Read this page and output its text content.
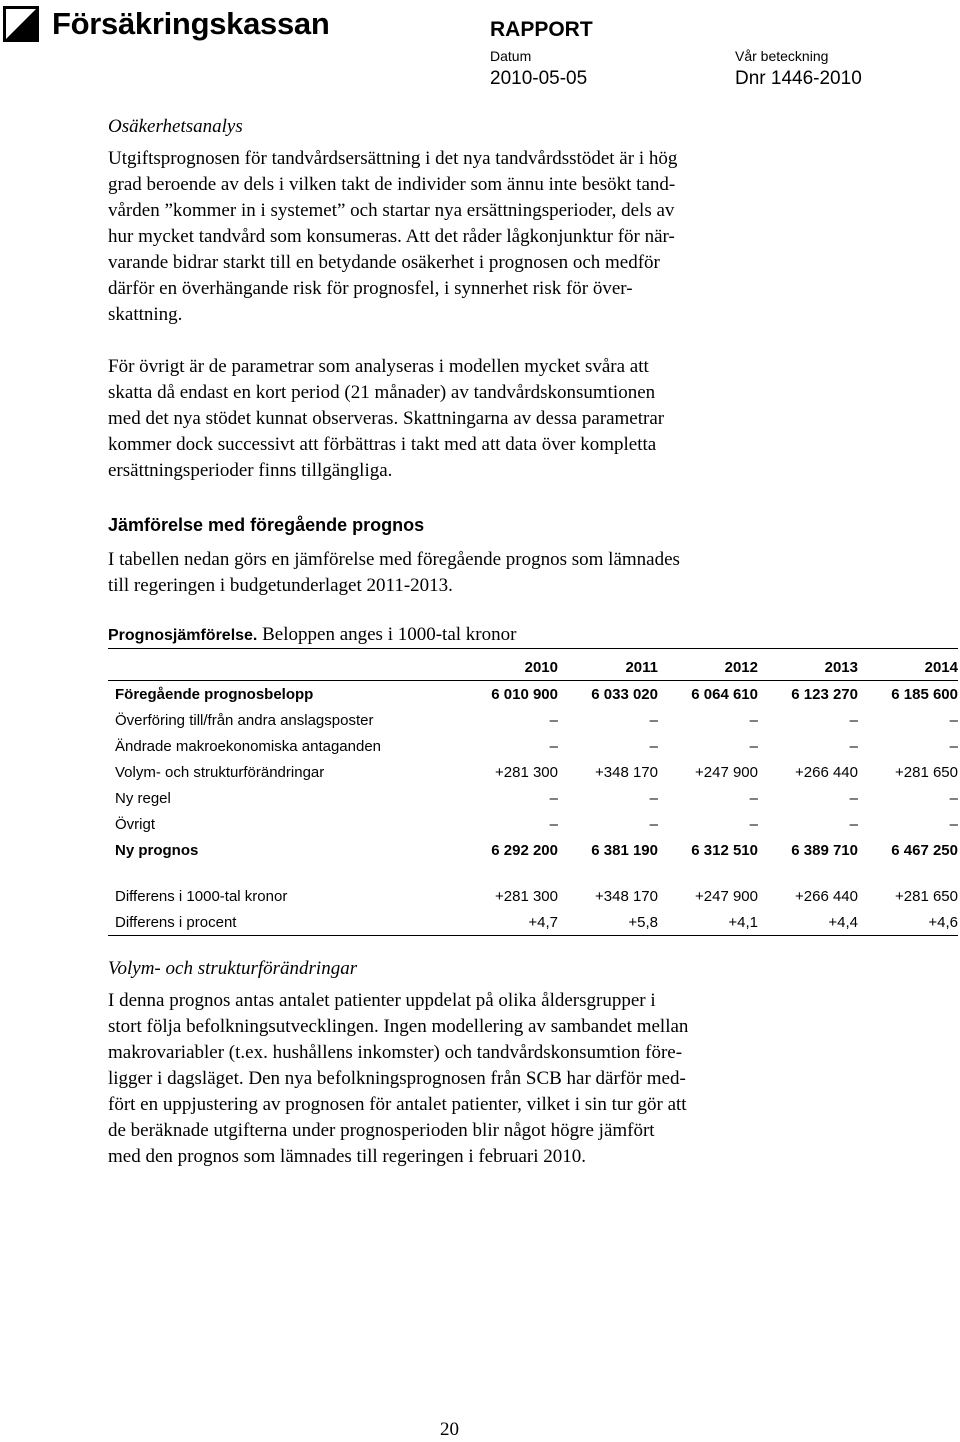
Försäkringskassan	RAPPORT
Datum	Vår beteckning
2010-05-05	Dnr 1446-2010
Osäkerhetsanalys
Utgiftsprognosen för tandvårdsersättning i det nya tandvårdsstödet är i hög
grad beroende av dels i vilken takt de individer som ännu inte besökt tand-
vården ”kommer in i systemet” och startar nya ersättningsperioder, dels av
hur mycket tandvård som konsumeras. Att det råder lågkonjunktur för när-
varande bidrar starkt till en betydande osäkerhet i prognosen och medför
därför en överhängande risk för prognosfel, i synnerhet risk för över-
skattning.
För övrigt är de parametrar som analyseras i modellen mycket svåra att
skatta då endast en kort period (21 månader) av tandvårdskonsumtionen
med det nya stödet kunnat observeras. Skattningarna av dessa parametrar
kommer dock successivt att förbättras i takt med att data över kompletta
ersättningsperioder finns tillgängliga.
Jämförelse med föregående prognos
I tabellen nedan görs en jämförelse med föregående prognos som lämnades
till regeringen i budgetunderlaget 2011-2013.
Prognosjämförelse. Beloppen anges i 1000-tal kronor
	2010	2011	2012	2013	2014
Föregående prognosbelopp	6 010 900	6 033 020	6 064 610	6 123 270	6 185 600
Överföring till/från andra anslagsposter	–	–	–	–	–
Ändrade makroekonomiska antaganden	–	–	–	–	–
Volym- och strukturförändringar	+281 300	+348 170	+247 900	+266 440	+281 650
Ny regel	–	–	–	–	–
Övrigt	–	–	–	–	–
Ny prognos	6 292 200	6 381 190	6 312 510	6 389 710	6 467 250

Differens i 1000-tal kronor	+281 300	+348 170	+247 900	+266 440	+281 650
Differens i procent	+4,7	+5,8	+4,1	+4,4	+4,6
Volym- och strukturförändringar
I denna prognos antas antalet patienter uppdelat på olika åldersgrupper i
stort följa befolkningsutvecklingen. Ingen modellering av sambandet mellan
makrovariabler (t.ex. hushållens inkomster) och tandvårdskonsumtion före-
ligger i dagsläget. Den nya befolkningsprognosen från SCB har därför med-
fört en uppjustering av prognosen för antalet patienter, vilket i sin tur gör att
de beräknade utgifterna under prognosperioden blir något högre jämfört
med den prognos som lämnades till regeringen i februari 2010.
20
